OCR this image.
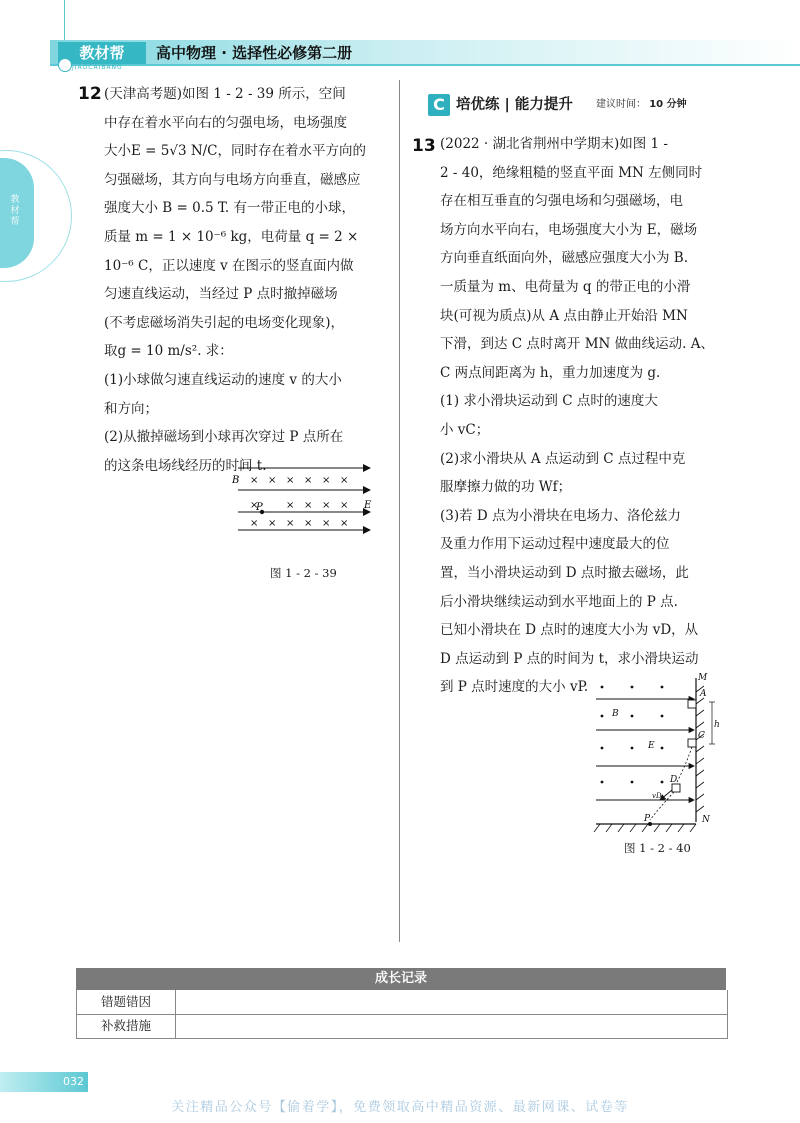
教材帮
JIAOCAIBANG
高中物理 · 选择性必修第二册
教材帮
12 (天津高考题)如图 1 - 2 - 39 所示，空间

中存在着水平向右的匀强电场，电场强度

大小E = 5√3 N/C，同时存在着水平方向的

匀强磁场，其方向与电场方向垂直，磁感应

强度大小 B = 0.5 T. 有一带正电的小球，

质量 m = 1 × 10⁻⁶ kg，电荷量 q = 2 ×

10⁻⁶ C，正以速度 v 在图示的竖直面内做

匀速直线运动，当经过 P 点时撤掉磁场

(不考虑磁场消失引起的电场变化现象)，

取g = 10 m/s². 求：

(1)小球做匀速直线运动的速度 v 的大小

和方向；

(2)从撤掉磁场到小球再次穿过 P 点所在

的这条电场线经历的时间 t.

× × × × × ×
×	× × × ×
× × × × × ×
B
P	E
图 1 - 2 - 39
C 培优练 | 能力提升 建议时间： 10 分钟
13 (2022 · 湖北省荆州中学期末)如图 1 -

2 - 40，绝缘粗糙的竖直平面 MN 左侧同时

存在相互垂直的匀强电场和匀强磁场，电

场方向水平向右，电场强度大小为 E，磁场

方向垂直纸面向外，磁感应强度大小为 B.

一质量为 m、电荷量为 q 的带正电的小滑

块(可视为质点)从 A 点由静止开始沿 MN

下滑，到达 C 点时离开 MN 做曲线运动. A、

C 两点间距离为 h，重力加速度为 g.

(1) 求小滑块运动到 C 点时的速度大

小 vC；

(2)求小滑块从 A 点运动到 C 点过程中克

服摩擦力做的功 Wf；

(3)若 D 点为小滑块在电场力、洛伦兹力

及重力作用下运动过程中速度最大的位

置，当小滑块运动到 D 点时撤去磁场，此

后小滑块继续运动到水平地面上的 P 点.

已知小滑块在 D 点时的速度大小为 vD，从

D 点运动到 P 点的时间为 t，求小滑块运动

到 P 点时速度的大小 vP.

M
A
B
h
C
E
D
vD
P	N
图 1 - 2 - 40
成长记录
错题错因
补救措施
032
关注精品公众号【偷着学】，免费领取高中精品资源、最新网课、试卷等
